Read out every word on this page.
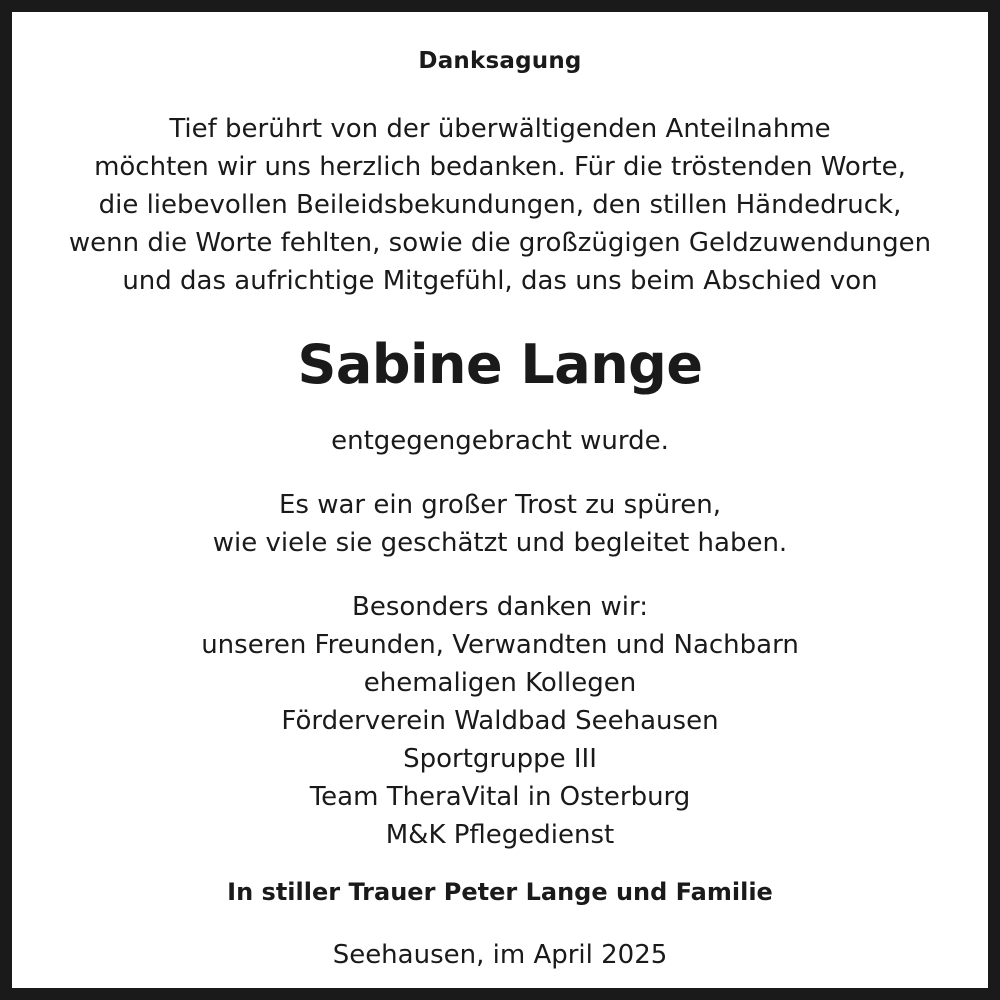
Danksagung
Tief berührt von der überwältigenden Anteilnahme
möchten wir uns herzlich bedanken. Für die tröstenden Worte,
die liebevollen Beileidsbekundungen, den stillen Händedruck,
wenn die Worte fehlten, sowie die großzügigen Geldzuwendungen
und das aufrichtige Mitgefühl, das uns beim Abschied von
Sabine Lange
entgegengebracht wurde.
Es war ein großer Trost zu spüren,
wie viele sie geschätzt und begleitet haben.
Besonders danken wir:
unseren Freunden, Verwandten und Nachbarn
ehemaligen Kollegen
Förderverein Waldbad Seehausen
Sportgruppe III
Team TheraVital in Osterburg
M&K Pflegedienst
In stiller Trauer Peter Lange und Familie
Seehausen, im April 2025
